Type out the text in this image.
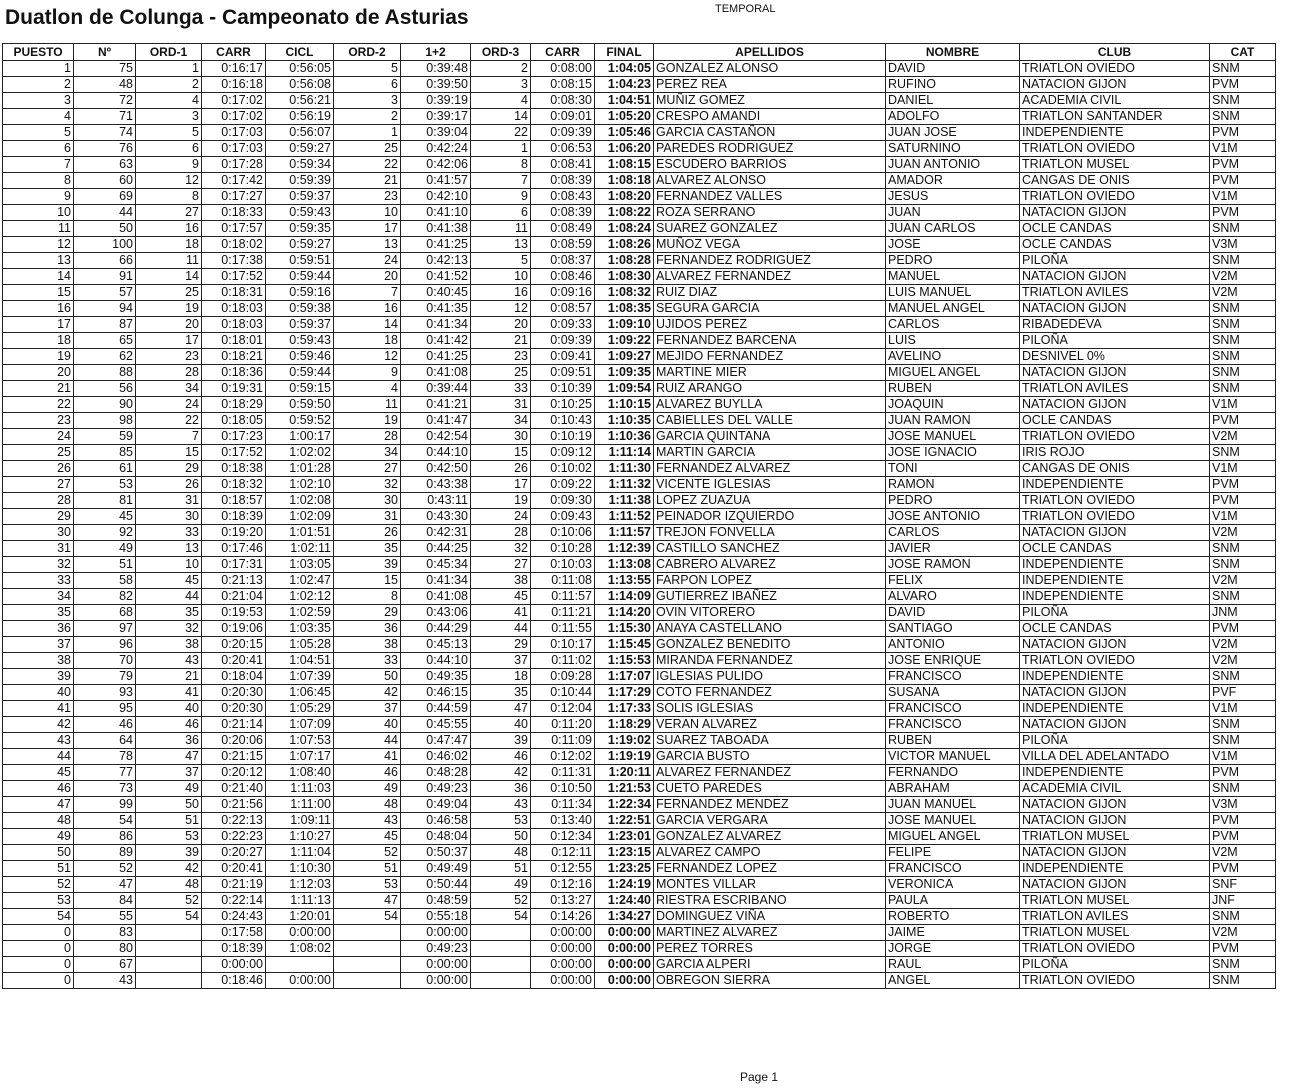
Duatlon de Colunga - Campeonato de Asturias	TEMPORAL
PUESTO	Nº	ORD-1	CARR	CICL	ORD-2	1+2	ORD-3	CARR	FINAL	APELLIDOS	NOMBRE	CLUB	CAT
1	75	1	0:16:17	0:56:05	5	0:39:48	2	0:08:00	1:04:05	GONZALEZ ALONSO	DAVID	TRIATLON OVIEDO	SNM
2	48	2	0:16:18	0:56:08	6	0:39:50	3	0:08:15	1:04:23	PEREZ REA	RUFINO	NATACION GIJON	PVM
3	72	4	0:17:02	0:56:21	3	0:39:19	4	0:08:30	1:04:51	MUÑIZ GOMEZ	DANIEL	ACADEMIA CIVIL	SNM
4	71	3	0:17:02	0:56:19	2	0:39:17	14	0:09:01	1:05:20	CRESPO AMANDI	ADOLFO	TRIATLON SANTANDER	SNM
5	74	5	0:17:03	0:56:07	1	0:39:04	22	0:09:39	1:05:46	GARCIA CASTAÑON	JUAN JOSE	INDEPENDIENTE	PVM
6	76	6	0:17:03	0:59:27	25	0:42:24	1	0:06:53	1:06:20	PAREDES RODRIGUEZ	SATURNINO	TRIATLON OVIEDO	V1M
7	63	9	0:17:28	0:59:34	22	0:42:06	8	0:08:41	1:08:15	ESCUDERO BARRIOS	JUAN ANTONIO	TRIATLON MUSEL	PVM
8	60	12	0:17:42	0:59:39	21	0:41:57	7	0:08:39	1:08:18	ALVAREZ ALONSO	AMADOR	CANGAS DE ONIS	PVM
9	69	8	0:17:27	0:59:37	23	0:42:10	9	0:08:43	1:08:20	FERNANDEZ VALLES	JESUS	TRIATLON OVIEDO	V1M
10	44	27	0:18:33	0:59:43	10	0:41:10	6	0:08:39	1:08:22	ROZA SERRANO	JUAN	NATACION GIJON	PVM
11	50	16	0:17:57	0:59:35	17	0:41:38	11	0:08:49	1:08:24	SUAREZ GONZALEZ	JUAN CARLOS	OCLE CANDAS	SNM
12	100	18	0:18:02	0:59:27	13	0:41:25	13	0:08:59	1:08:26	MUÑOZ VEGA	JOSE	OCLE CANDAS	V3M
13	66	11	0:17:38	0:59:51	24	0:42:13	5	0:08:37	1:08:28	FERNANDEZ RODRIGUEZ	PEDRO	PILOÑA	SNM
14	91	14	0:17:52	0:59:44	20	0:41:52	10	0:08:46	1:08:30	ALVAREZ FERNANDEZ	MANUEL	NATACION GIJON	V2M
15	57	25	0:18:31	0:59:16	7	0:40:45	16	0:09:16	1:08:32	RUIZ DIAZ	LUIS MANUEL	TRIATLON AVILES	V2M
16	94	19	0:18:03	0:59:38	16	0:41:35	12	0:08:57	1:08:35	SEGURA GARCIA	MANUEL ANGEL	NATACION GIJON	SNM
17	87	20	0:18:03	0:59:37	14	0:41:34	20	0:09:33	1:09:10	UJIDOS PEREZ	CARLOS	RIBADEDEVA	SNM
18	65	17	0:18:01	0:59:43	18	0:41:42	21	0:09:39	1:09:22	FERNANDEZ BARCENA	LUIS	PILOÑA	SNM
19	62	23	0:18:21	0:59:46	12	0:41:25	23	0:09:41	1:09:27	MEJIDO FERNANDEZ	AVELINO	DESNIVEL 0%	SNM
20	88	28	0:18:36	0:59:44	9	0:41:08	25	0:09:51	1:09:35	MARTINE MIER	MIGUEL ANGEL	NATACION GIJON	SNM
21	56	34	0:19:31	0:59:15	4	0:39:44	33	0:10:39	1:09:54	RUIZ ARANGO	RUBEN	TRIATLON AVILES	SNM
22	90	24	0:18:29	0:59:50	11	0:41:21	31	0:10:25	1:10:15	ALVAREZ BUYLLA	JOAQUIN	NATACION GIJON	V1M
23	98	22	0:18:05	0:59:52	19	0:41:47	34	0:10:43	1:10:35	CABIELLES DEL VALLE	JUAN RAMON	OCLE CANDAS	PVM
24	59	7	0:17:23	1:00:17	28	0:42:54	30	0:10:19	1:10:36	GARCIA QUINTANA	JOSE MANUEL	TRIATLON OVIEDO	V2M
25	85	15	0:17:52	1:02:02	34	0:44:10	15	0:09:12	1:11:14	MARTIN GARCIA	JOSE IGNACIO	IRIS ROJO	SNM
26	61	29	0:18:38	1:01:28	27	0:42:50	26	0:10:02	1:11:30	FERNANDEZ ALVAREZ	TONI	CANGAS DE ONIS	V1M
27	53	26	0:18:32	1:02:10	32	0:43:38	17	0:09:22	1:11:32	VICENTE IGLESIAS	RAMON	INDEPENDIENTE	PVM
28	81	31	0:18:57	1:02:08	30	0:43:11	19	0:09:30	1:11:38	LOPEZ ZUAZUA	PEDRO	TRIATLON OVIEDO	PVM
29	45	30	0:18:39	1:02:09	31	0:43:30	24	0:09:43	1:11:52	PEINADOR IZQUIERDO	JOSE ANTONIO	TRIATLON OVIEDO	V1M
30	92	33	0:19:20	1:01:51	26	0:42:31	28	0:10:06	1:11:57	TREJON FONVELLA	CARLOS	NATACION GIJON	V2M
31	49	13	0:17:46	1:02:11	35	0:44:25	32	0:10:28	1:12:39	CASTILLO SANCHEZ	JAVIER	OCLE CANDAS	SNM
32	51	10	0:17:31	1:03:05	39	0:45:34	27	0:10:03	1:13:08	CABRERO ALVAREZ	JOSE RAMON	INDEPENDIENTE	SNM
33	58	45	0:21:13	1:02:47	15	0:41:34	38	0:11:08	1:13:55	FARPON LOPEZ	FELIX	INDEPENDIENTE	V2M
34	82	44	0:21:04	1:02:12	8	0:41:08	45	0:11:57	1:14:09	GUTIERREZ IBAÑEZ	ALVARO	INDEPENDIENTE	SNM
35	68	35	0:19:53	1:02:59	29	0:43:06	41	0:11:21	1:14:20	OVIN VITORERO	DAVID	PILOÑA	JNM
36	97	32	0:19:06	1:03:35	36	0:44:29	44	0:11:55	1:15:30	ANAYA CASTELLANO	SANTIAGO	OCLE CANDAS	PVM
37	96	38	0:20:15	1:05:28	38	0:45:13	29	0:10:17	1:15:45	GONZALEZ BENEDITO	ANTONIO	NATACION GIJON	V2M
38	70	43	0:20:41	1:04:51	33	0:44:10	37	0:11:02	1:15:53	MIRANDA FERNANDEZ	JOSE ENRIQUE	TRIATLON OVIEDO	V2M
39	79	21	0:18:04	1:07:39	50	0:49:35	18	0:09:28	1:17:07	IGLESIAS PULIDO	FRANCISCO	INDEPENDIENTE	SNM
40	93	41	0:20:30	1:06:45	42	0:46:15	35	0:10:44	1:17:29	COTO FERNANDEZ	SUSANA	NATACION GIJON	PVF
41	95	40	0:20:30	1:05:29	37	0:44:59	47	0:12:04	1:17:33	SOLIS IGLESIAS	FRANCISCO	INDEPENDIENTE	V1M
42	46	46	0:21:14	1:07:09	40	0:45:55	40	0:11:20	1:18:29	VERAN ALVAREZ	FRANCISCO	NATACION GIJON	SNM
43	64	36	0:20:06	1:07:53	44	0:47:47	39	0:11:09	1:19:02	SUAREZ TABOADA	RUBEN	PILOÑA	SNM
44	78	47	0:21:15	1:07:17	41	0:46:02	46	0:12:02	1:19:19	GARCIA BUSTO	VICTOR MANUEL	VILLA DEL ADELANTADO	V1M
45	77	37	0:20:12	1:08:40	46	0:48:28	42	0:11:31	1:20:11	ALVAREZ FERNANDEZ	FERNANDO	INDEPENDIENTE	PVM
46	73	49	0:21:40	1:11:03	49	0:49:23	36	0:10:50	1:21:53	CUETO PAREDES	ABRAHAM	ACADEMIA CIVIL	SNM
47	99	50	0:21:56	1:11:00	48	0:49:04	43	0:11:34	1:22:34	FERNANDEZ MENDEZ	JUAN MANUEL	NATACION GIJON	V3M
48	54	51	0:22:13	1:09:11	43	0:46:58	53	0:13:40	1:22:51	GARCIA VERGARA	JOSE MANUEL	NATACION GIJON	PVM
49	86	53	0:22:23	1:10:27	45	0:48:04	50	0:12:34	1:23:01	GONZALEZ ALVAREZ	MIGUEL ANGEL	TRIATLON MUSEL	PVM
50	89	39	0:20:27	1:11:04	52	0:50:37	48	0:12:11	1:23:15	ALVAREZ CAMPO	FELIPE	NATACION GIJON	V2M
51	52	42	0:20:41	1:10:30	51	0:49:49	51	0:12:55	1:23:25	FERNANDEZ LOPEZ	FRANCISCO	INDEPENDIENTE	PVM
52	47	48	0:21:19	1:12:03	53	0:50:44	49	0:12:16	1:24:19	MONTES VILLAR	VERONICA	NATACION GIJON	SNF
53	84	52	0:22:14	1:11:13	47	0:48:59	52	0:13:27	1:24:40	RIESTRA ESCRIBANO	PAULA	TRIATLON MUSEL	JNF
54	55	54	0:24:43	1:20:01	54	0:55:18	54	0:14:26	1:34:27	DOMINGUEZ VIÑA	ROBERTO	TRIATLON AVILES	SNM
0	83		0:17:58	0:00:00		0:00:00		0:00:00	0:00:00	MARTINEZ ALVAREZ	JAIME	TRIATLON MUSEL	V2M
0	80		0:18:39	1:08:02		0:49:23		0:00:00	0:00:00	PEREZ TORRES	JORGE	TRIATLON OVIEDO	PVM
0	67		0:00:00			0:00:00		0:00:00	0:00:00	GARCIA ALPERI	RAUL	PILOÑA	SNM
0	43		0:18:46	0:00:00		0:00:00		0:00:00	0:00:00	OBREGON SIERRA	ANGEL	TRIATLON OVIEDO	SNM
Page 1
